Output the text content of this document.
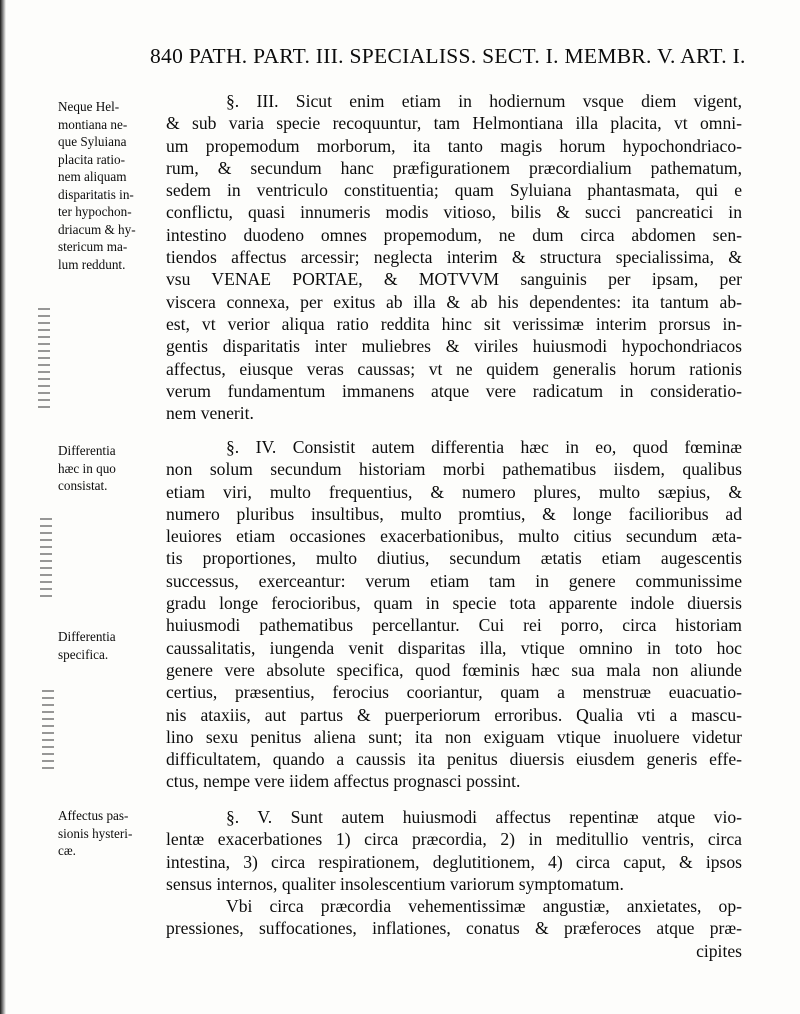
840 PATH. PART. III. SPECIALISS. SECT. I. MEMBR. V. ART. I.
Neque Hel-
montiana ne-
que Syluiana
placita ratio-
nem aliquam
disparitatis in-
ter hypochon-
driacum & hy-
stericum ma-
lum reddunt.
Differentia
hæc in quo
consistat.
Differentia
specifica.
Affectus pas-
sionis hysteri-
cæ.
§. III. Sicut enim etiam in hodiernum vsque diem vigent,
& sub varia specie recoquuntur, tam Helmontiana illa placita, vt omni-
um propemodum morborum, ita tanto magis horum hypochondriaco-
rum, & secundum hanc præfigurationem præcordialium pathematum,
sedem in ventriculo constituentia; quam Syluiana phantasmata, qui e
conflictu, quasi innumeris modis vitioso, bilis & succi pancreatici in
intestino duodeno omnes propemodum, ne dum circa abdomen sen-
tiendos affectus arcessir; neglecta interim & structura specialissima, &
vsu VENAE PORTAE, & MOTVVM sanguinis per ipsam, per
viscera connexa, per exitus ab illa & ab his dependentes: ita tantum ab-
est, vt verior aliqua ratio reddita hinc sit verissimæ interim prorsus in-
gentis disparitatis inter muliebres & viriles huiusmodi hypochondriacos
affectus, eiusque veras caussas; vt ne quidem generalis horum rationis
verum fundamentum immanens atque vere radicatum in consideratio-
nem venerit.
§. IV. Consistit autem differentia hæc in eo, quod fœminæ
non solum secundum historiam morbi pathematibus iisdem, qualibus
etiam viri, multo frequentius, & numero plures, multo sæpius, &
numero pluribus insultibus, multo promtius, & longe facilioribus ad
leuiores etiam occasiones exacerbationibus, multo citius secundum æta-
tis proportiones, multo diutius, secundum ætatis etiam augescentis
successus, exerceantur: verum etiam tam in genere communissime
gradu longe ferocioribus, quam in specie tota apparente indole diuersis
huiusmodi pathematibus percellantur. Cui rei porro, circa historiam
caussalitatis, iungenda venit disparitas illa, vtique omnino in toto hoc
genere vere absolute specifica, quod fœminis hæc sua mala non aliunde
certius, præsentius, ferocius cooriantur, quam a menstruæ euacuatio-
nis ataxiis, aut partus & puerperiorum erroribus. Qualia vti a mascu-
lino sexu penitus aliena sunt; ita non exiguam vtique inuoluere videtur
difficultatem, quando a caussis ita penitus diuersis eiusdem generis effe-
ctus, nempe vere iidem affectus prognasci possint.
§. V. Sunt autem huiusmodi affectus repentinæ atque vio-
lentæ exacerbationes 1) circa præcordia, 2) in meditullio ventris, circa
intestina, 3) circa respirationem, deglutitionem, 4) circa caput, & ipsos
sensus internos, qualiter insolescentium variorum symptomatum.
Vbi circa præcordia vehementissimæ angustiæ, anxietates, op-
pressiones, suffocationes, inflationes, conatus & præferoces atque præ-
cipites
